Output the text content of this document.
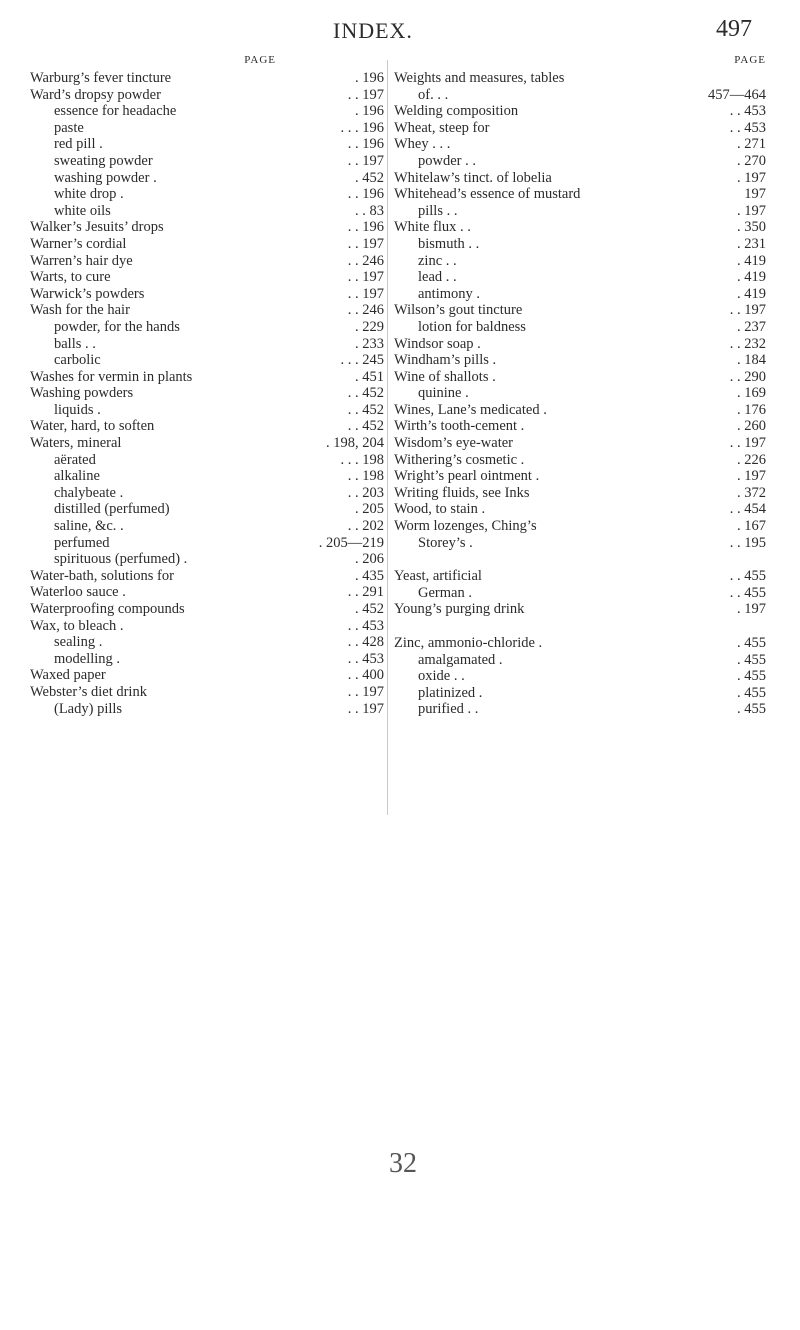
INDEX.	497
PAGE
Warburg’s fever tincture	. 196
Ward’s dropsy powder	. . 197
essence for headache	. 196
paste	. . . 196
red pill .	. . 196
sweating powder	. . 197
washing powder .	. 452
white drop .	. . 196
white oils	. . 83
Walker’s Jesuits’ drops	. . 196
Warner’s cordial	. . 197
Warren’s hair dye	. . 246
Warts, to cure	. . 197
Warwick’s powders	. . 197
Wash for the hair	. . 246
powder, for the hands	. 229
balls . .	. 233
carbolic	. . . 245
Washes for vermin in plants	. 451
Washing powders	. . 452
liquids .	. . 452
Water, hard, to soften	. . 452
Waters, mineral	. 198, 204
aërated	. . . 198
alkaline	. . 198
chalybeate .	. . 203
distilled (perfumed)	. 205
saline, &c. .	. . 202
perfumed	. 205—219
spirituous (perfumed) .	. 206
Water-bath, solutions for	. 435
Waterloo sauce .	. . 291
Waterproofing compounds	. 452
Wax, to bleach .	. . 453
sealing .	. . 428
modelling .	. . 453
Waxed paper	. . 400
Webster’s diet drink	. . 197
(Lady) pills	. . 197
PAGE
Weights and measures, tables
of. . .	457—464
Welding composition	. . 453
Wheat, steep for	. . 453
Whey . . .	. 271
powder . .	. 270
Whitelaw’s tinct. of lobelia	. 197
Whitehead’s essence of mustard	197
pills . .	. 197
White flux . .	. 350
bismuth . .	. 231
zinc . .	. 419
lead . .	. 419
antimony .	. 419
Wilson’s gout tincture	. . 197
lotion for baldness	. 237
Windsor soap .	. . 232
Windham’s pills .	. 184
Wine of shallots .	. . 290
quinine .	. 169
Wines, Lane’s medicated .	. 176
Wirth’s tooth-cement .	. 260
Wisdom’s eye-water	. . 197
Withering’s cosmetic .	. 226
Wright’s pearl ointment .	. 197
Writing fluids, see Inks	. 372
Wood, to stain .	. . 454
Worm lozenges, Ching’s	. 167
Storey’s .	. . 195
Yeast, artificial	. . 455
German .	. . 455
Young’s purging drink	. 197
Zinc, ammonio-chloride .	. 455
amalgamated .	. 455
oxide . .	. 455
platinized .	. 455
purified . .	. 455
32
